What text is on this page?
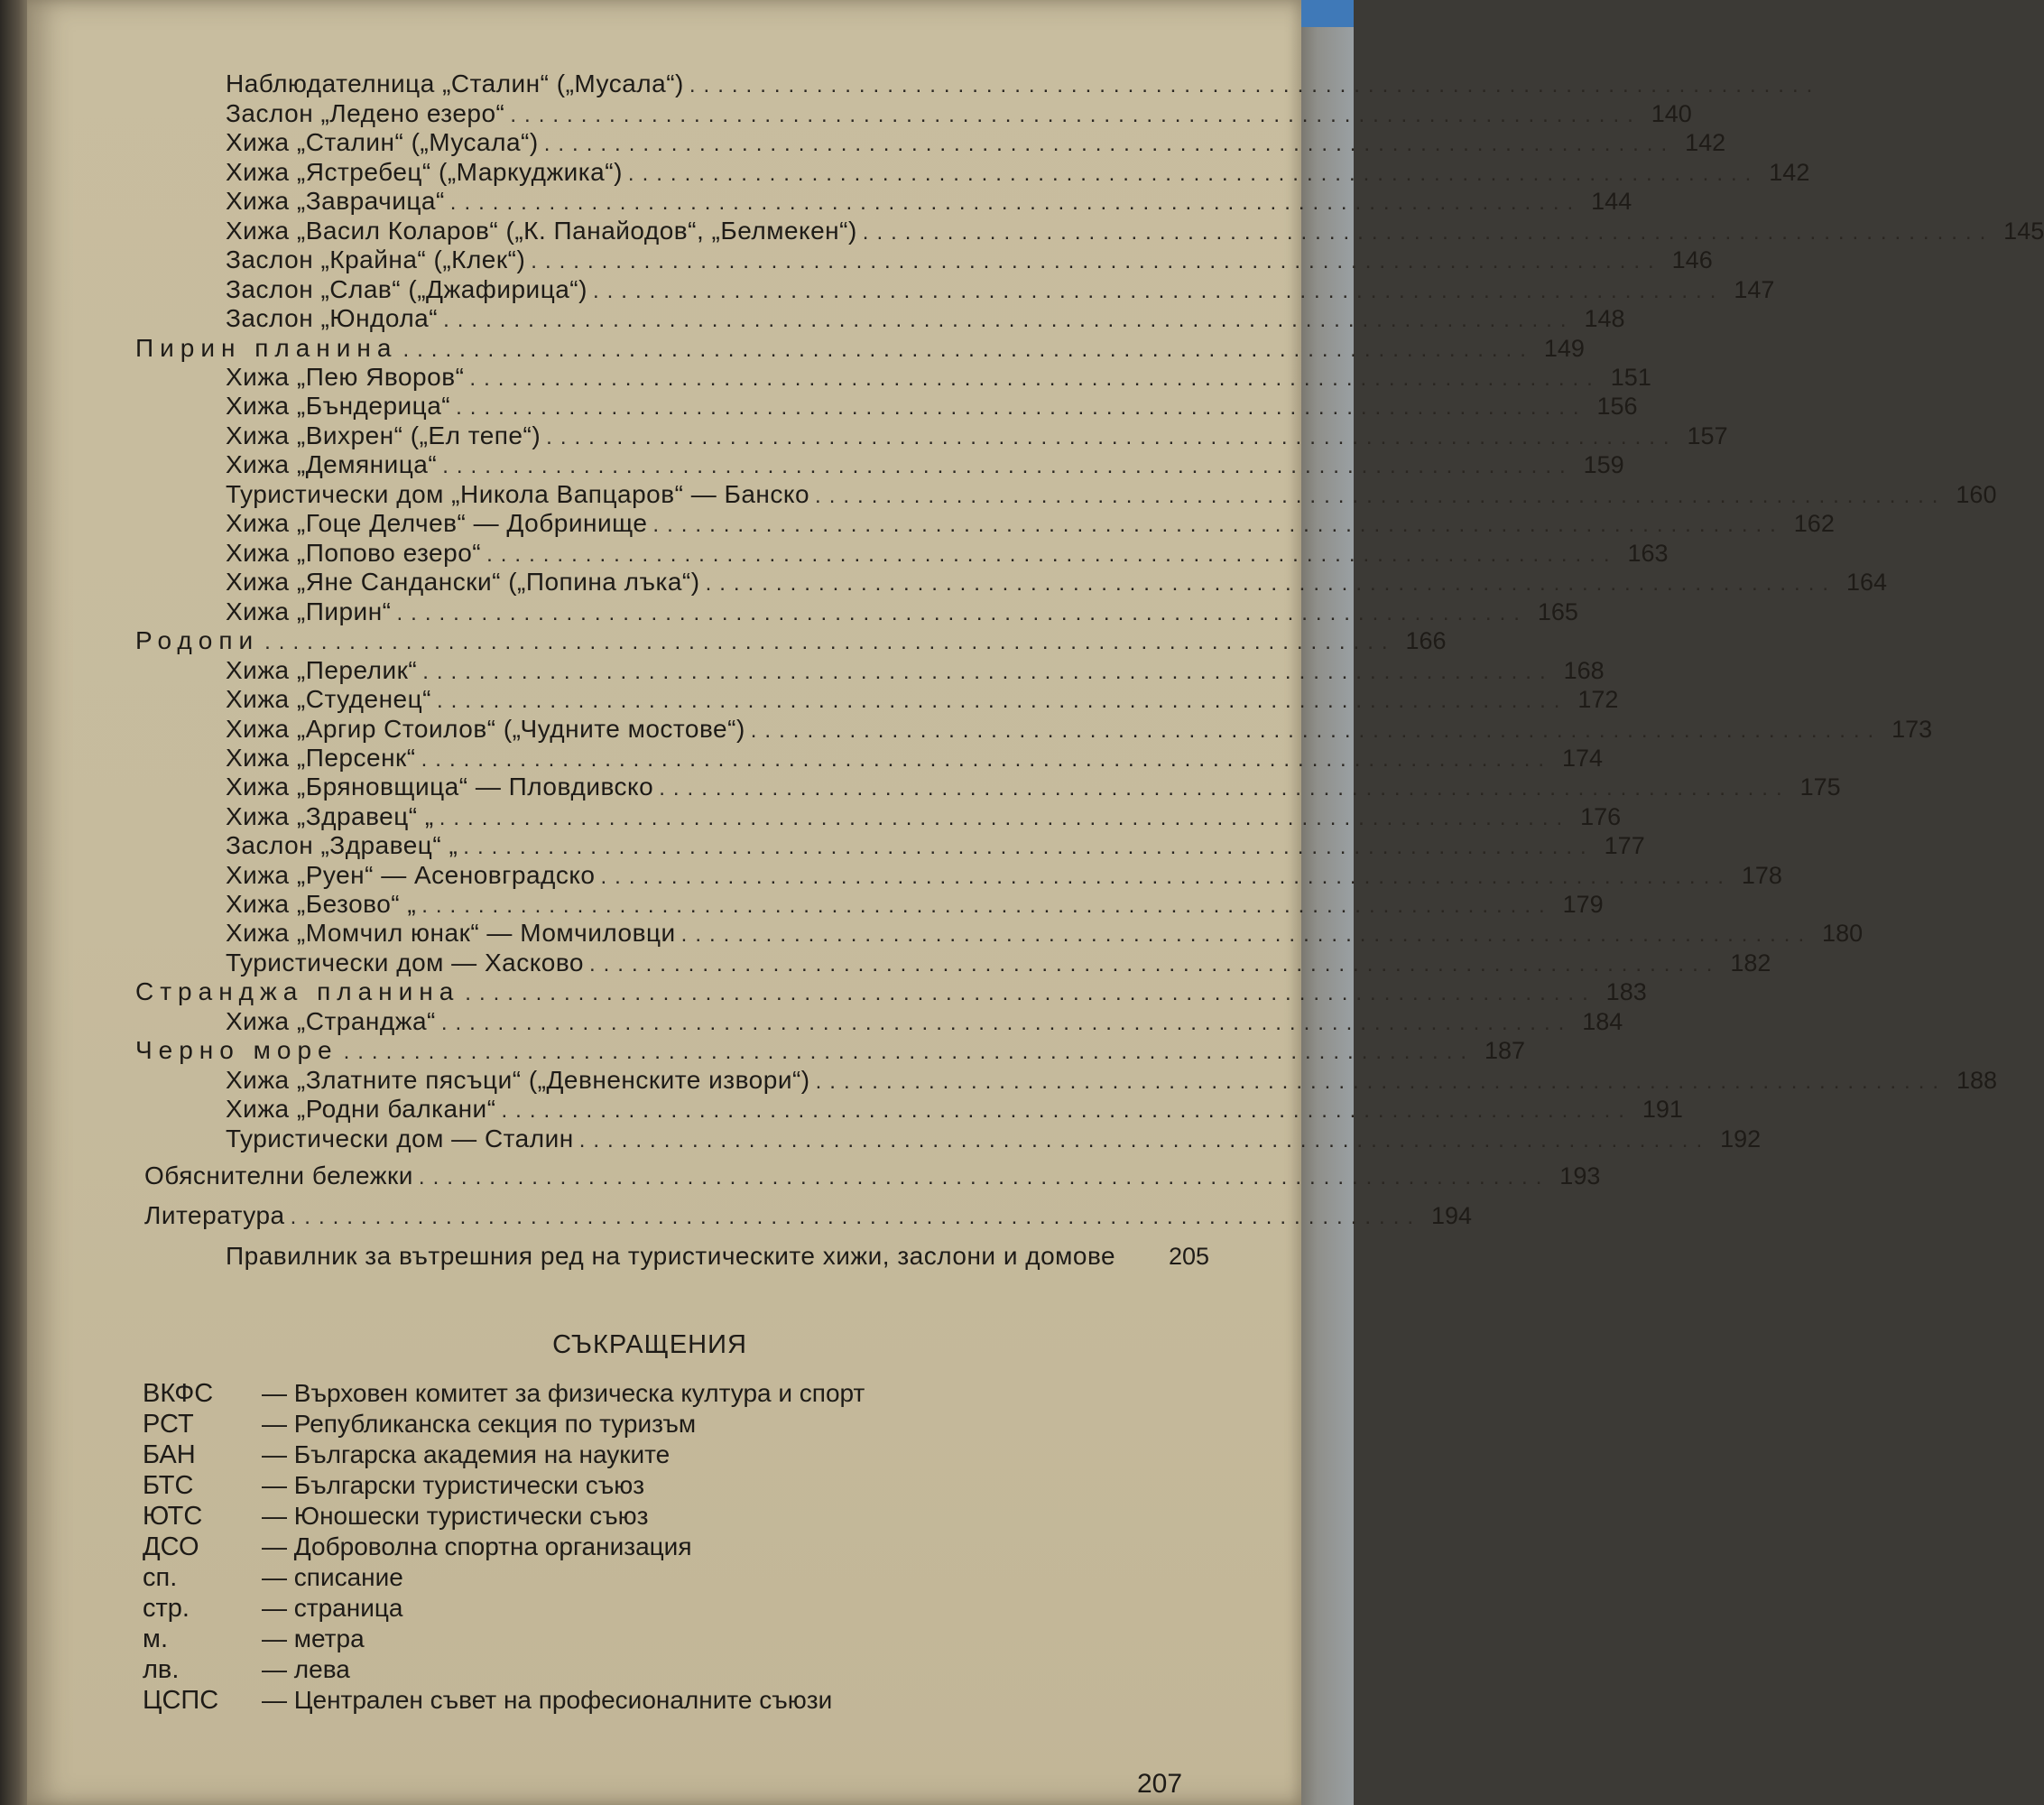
Наблюдателница „Сталин“ („Мусала“) ................................................................................
Заслон „Ледено езеро“ ................................................................................ 140
Хижа „Сталин“ („Мусала“) ................................................................................ 142
Хижа „Ястребец“ („Маркуджика“) ................................................................................ 142
Хижа „Заврачица“ ................................................................................ 144
Хижа „Васил Коларов“ („К. Панайодов“, „Белмекен“) ................................................................................ 145
Заслон „Крайна“ („Клек“) ................................................................................ 146
Заслон „Слав“ („Джафирица“) ................................................................................ 147
Заслон „Юндола“ ................................................................................ 148
Пирин планина ................................................................................ 149
Хижа „Пею Яворов“ ................................................................................ 151
Хижа „Бъндерица“ ................................................................................ 156
Хижа „Вихрен“ („Ел тепе“) ................................................................................ 157
Хижа „Демяница“ ................................................................................ 159
Туристически дом „Никола Вапцаров“ — Банско ................................................................................ 160
Хижа „Гоце Делчев“ — Добринище ................................................................................ 162
Хижа „Попово езеро“ ................................................................................ 163
Хижа „Яне Сандански“ („Попина лъка“) ................................................................................ 164
Хижа „Пирин“ ................................................................................ 165
Родопи ................................................................................ 166
Хижа „Перелик“ ................................................................................ 168
Хижа „Студенец“ ................................................................................ 172
Хижа „Аргир Стоилов“ („Чудните мостове“) ................................................................................ 173
Хижа „Персенк“ ................................................................................ 174
Хижа „Бряновщица“ — Пловдивско ................................................................................ 175
Хижа „Здравец“ „ ................................................................................ 176
Заслон „Здравец“ „ ................................................................................ 177
Хижа „Руен“ — Асеновградско ................................................................................ 178
Хижа „Безово“ „ ................................................................................ 179
Хижа „Момчил юнак“ — Момчиловци ................................................................................ 180
Туристически дом — Хасково ................................................................................ 182
Странджа планина ................................................................................ 183
Хижа „Странджа“ ................................................................................ 184
Черно море ................................................................................ 187
Хижа „Златните пясъци“ („Девненските извори“) ................................................................................ 188
Хижа „Родни балкани“ ................................................................................ 191
Туристически дом — Сталин ................................................................................ 192
Обяснителни бележки ................................................................................ 193
Литература ................................................................................ 194
Правилник за вътрешния ред на туристическите хижи, заслони и домове 205
СЪКРАЩЕНИЯ
ВКФС	— Върховен комитет за физическа култура и спорт
РСТ	— Републиканска секция по туризъм
БАН	— Българска академия на науките
БТС	— Български туристически съюз
ЮТС	— Юношески туристически съюз
ДСО	— Доброволна спортна организация
сп.	— списание
стр.	— страница
м.	— метра
лв.	— лева
ЦСПС	— Централен съвет на професионалните съюзи
207
